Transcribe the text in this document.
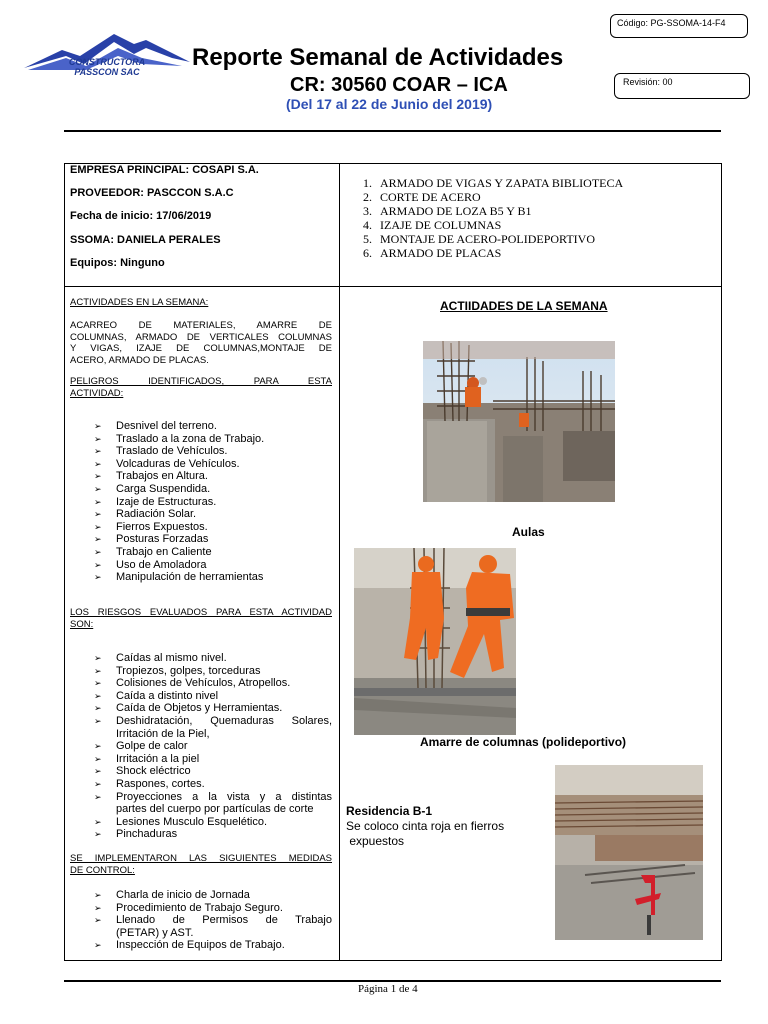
CONSTRUCTORA
PASSCON SAC
Reporte Semanal de Actividades
CR: 30560 COAR – ICA
(Del 17 al 22 de Junio del 2019)
Código: PG-SSOMA-14-F4
Revisión: 00
EMPRESA PRINCIPAL: COSAPI S.A.
PROVEEDOR: PASCCON S.A.C
Fecha de inicio: 17/06/2019
SSOMA: DANIELA PERALES
Equipos: Ninguno
1. ARMADO DE VIGAS Y ZAPATA BIBLIOTECA
2. CORTE DE ACERO
3. ARMADO DE LOZA B5 Y B1
4. IZAJE DE COLUMNAS
5. MONTAJE DE ACERO-POLIDEPORTIVO
6. ARMADO DE PLACAS
ACTIVIDADES EN LA SEMANA:
ACARREO DE MATERIALES, AMARRE DE
COLUMNAS, ARMADO DE VERTICALES COLUMNAS
Y VIGAS, IZAJE DE COLUMNAS,MONTAJE DE
ACERO, ARMADO DE PLACAS.
PELIGROS IDENTIFICADOS, PARA ESTA
ACTIVIDAD:
➢	Desnivel del terreno.
➢	Traslado a la zona de Trabajo.
➢	Traslado de Vehículos.
➢	Volcaduras de Vehículos.
➢	Trabajos en Altura.
➢	Carga Suspendida.
➢	Izaje de Estructuras.
➢	Radiación Solar.
➢	Fierros Expuestos.
➢	Posturas Forzadas
➢	Trabajo en Caliente
➢	Uso de Amoladora
➢	Manipulación de herramientas
LOS RIESGOS EVALUADOS PARA ESTA ACTIVIDAD
SON:
➢	Caídas al mismo nivel.
➢	Tropiezos, golpes, torceduras
➢	Colisiones de Vehículos, Atropellos.
➢	Caída a distinto nivel
➢	Caída de Objetos y Herramientas.
➢	Deshidratación, Quemaduras Solares,
Irritación de la Piel,
➢	Golpe de calor
➢	Irritación a la piel
➢	Shock eléctrico
➢	Raspones, cortes.
➢	Proyecciones a la vista y a distintas
partes del cuerpo por partículas de corte
➢	Lesiones Musculo Esquelético.
➢	Pinchaduras
SE IMPLEMENTARON LAS SIGUIENTES MEDIDAS
DE CONTROL:
➢	Charla de inicio de Jornada
➢	Procedimiento de Trabajo Seguro.
➢	Llenado de Permisos de Trabajo
(PETAR) y AST.
➢	Inspección de Equipos de Trabajo.
ACTIIDADES DE LA SEMANA
Aulas
Amarre de columnas (polideportivo)
Residencia B-1
Se coloco cinta roja en fierros
expuestos
Página 1 de 4
